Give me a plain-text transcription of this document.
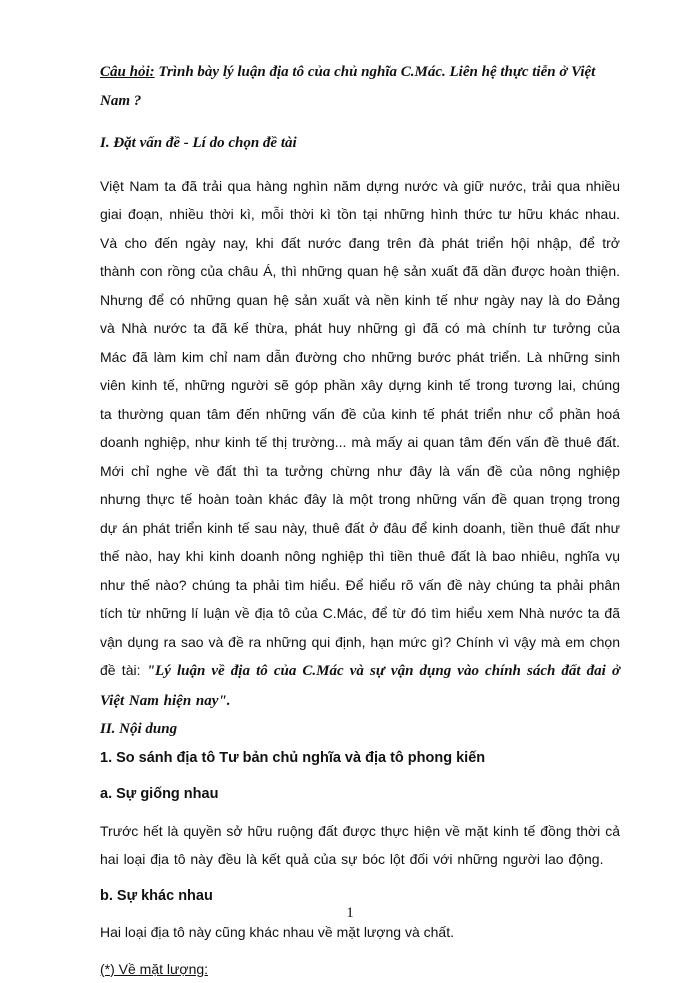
Câu hỏi: Trình bày lý luận địa tô của chủ nghĩa C.Mác. Liên hệ thực tiễn ở Việt Nam ?

I. Đặt vấn đề - Lí do chọn đề tài

Việt Nam ta đã trải qua hàng nghìn năm dựng nước và giữ nước, trải qua nhiều giai đoạn, nhiều thời kì, mỗi thời kì tồn tại những hình thức tư hữu khác nhau. Và cho đến ngày nay, khi đất nước đang trên đà phát triển hội nhập, để trở thành con rồng của châu Á, thì những quan hệ sản xuất đã dần được hoàn thiện. Nhưng để có những quan hệ sản xuất và nền kinh tế như ngày nay là do Đảng và Nhà nước ta đã kế thừa, phát huy những gì đã có mà chính tư tưởng của Mác đã làm kim chỉ nam dẫn đường cho những bước phát triển. Là những sinh viên kinh tế, những người sẽ góp phần xây dựng kinh tế trong tương lai, chúng ta thường quan tâm đến những vấn đề của kinh tế phát triển như cổ phần hoá doanh nghiệp, như kinh tế thị trường... mà mấy ai quan tâm đến vấn đề thuê đất. Mới chỉ nghe về đất thì ta tưởng chừng như đây là vấn đề của nông nghiệp nhưng thực tế hoàn toàn khác đây là một trong những vấn đề quan trọng trong dự án phát triển kinh tế sau này, thuê đất ở đâu để kinh doanh, tiền thuê đất như thế nào, hay khi kinh doanh nông nghiệp thì tiền thuê đất là bao nhiêu, nghĩa vụ như thế nào? chúng ta phải tìm hiểu. Để hiểu rõ vấn đề này chúng ta phải phân tích từ những lí luận về địa tô của C.Mác, để từ đó tìm hiểu xem Nhà nước ta đã vận dụng ra sao và đề ra những qui định, hạn mức gì? Chính vì vậy mà em chọn đề tài: "Lý luận về địa tô của C.Mác và sự vận dụng vào chính sách đất đai ở Việt Nam hiện nay".

II. Nội dung

1. So sánh địa tô Tư bản chủ nghĩa và địa tô phong kiến

a. Sự giống nhau

Trước hết là quyền sở hữu ruộng đất được thực hiện về mặt kinh tế đồng thời cả hai loại địa tô này đều là kết quả của sự bóc lột đối với những người lao động.

b. Sự khác nhau

Hai loại địa tô này cũng khác nhau về mặt lượng và chất.

(*) Về mặt lượng:

1
